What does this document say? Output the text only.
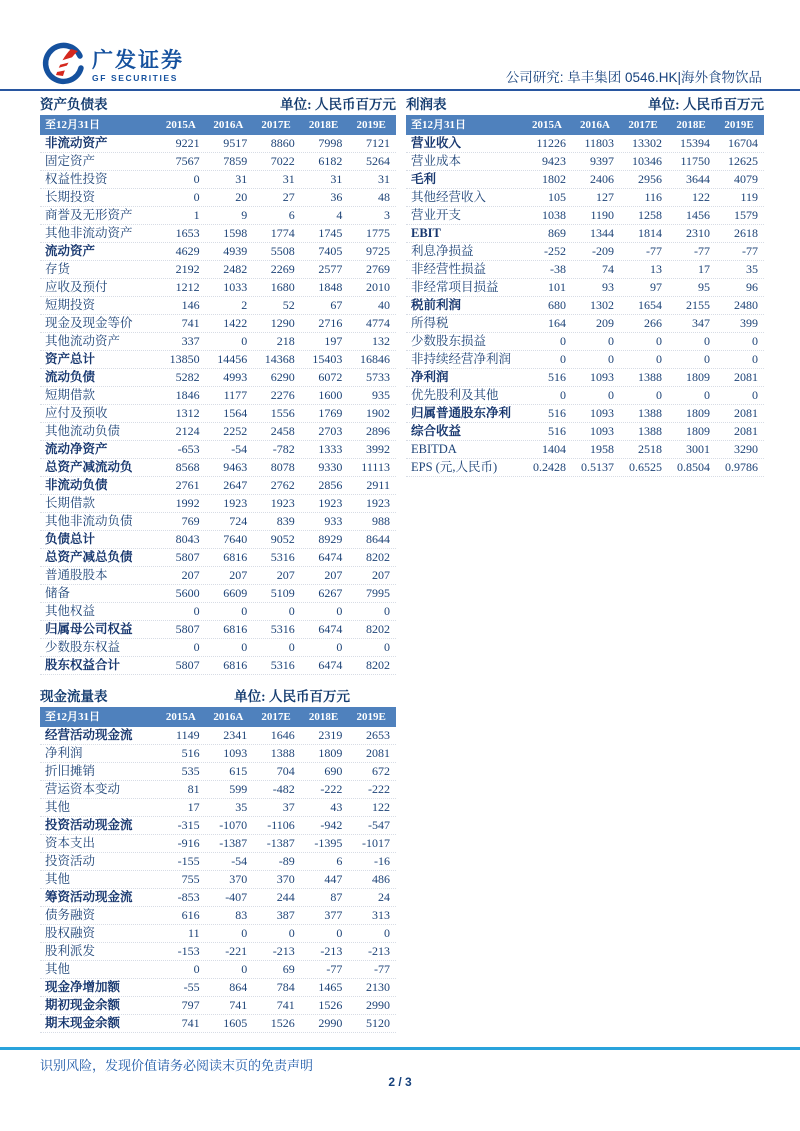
广发证券
GF SECURITIES	公司研究: 阜丰集团 0546.HK|海外食物饮品
资产负债表	单位: 人民币百万元
至12月31日	2015A	2016A	2017E	2018E	2019E
非流动资产	9221	9517	8860	7998	7121
固定资产	7567	7859	7022	6182	5264
权益性投资	0	31	31	31	31
长期投资	0	20	27	36	48
商誉及无形资产	1	9	6	4	3
其他非流动资产	1653	1598	1774	1745	1775
流动资产	4629	4939	5508	7405	9725
存货	2192	2482	2269	2577	2769
应收及预付	1212	1033	1680	1848	2010
短期投资	146	2	52	67	40
现金及现金等价	741	1422	1290	2716	4774
其他流动资产	337	0	218	197	132
资产总计	13850	14456	14368	15403	16846
流动负债	5282	4993	6290	6072	5733
短期借款	1846	1177	2276	1600	935
应付及预收	1312	1564	1556	1769	1902
其他流动负债	2124	2252	2458	2703	2896
流动净资产	-653	-54	-782	1333	3992
总资产减流动负	8568	9463	8078	9330	11113
非流动负债	2761	2647	2762	2856	2911
长期借款	1992	1923	1923	1923	1923
其他非流动负债	769	724	839	933	988
负债总计	8043	7640	9052	8929	8644
总资产减总负债	5807	6816	5316	6474	8202
普通股股本	207	207	207	207	207
储备	5600	6609	5109	6267	7995
其他权益	0	0	0	0	0
归属母公司权益	5807	6816	5316	6474	8202
少数股东权益	0	0	0	0	0
股东权益合计	5807	6816	5316	6474	8202
利润表	单位: 人民币百万元
至12月31日	2015A	2016A	2017E	2018E	2019E
营业收入	11226	11803	13302	15394	16704
营业成本	9423	9397	10346	11750	12625
毛利	1802	2406	2956	3644	4079
其他经营收入	105	127	116	122	119
营业开支	1038	1190	1258	1456	1579
EBIT	869	1344	1814	2310	2618
利息净损益	-252	-209	-77	-77	-77
非经营性损益	-38	74	13	17	35
非经常项目损益	101	93	97	95	96
税前利润	680	1302	1654	2155	2480
所得税	164	209	266	347	399
少数股东损益	0	0	0	0	0
非持续经营净利润	0	0	0	0	0
净利润	516	1093	1388	1809	2081
优先股利及其他	0	0	0	0	0
归属普通股东净利	516	1093	1388	1809	2081
综合收益	516	1093	1388	1809	2081
EBITDA	1404	1958	2518	3001	3290
EPS (元,人民币)	0.2428	0.5137	0.6525	0.8504	0.9786
现金流量表	单位: 人民币百万元
至12月31日	2015A	2016A	2017E	2018E	2019E
经营活动现金流	1149	2341	1646	2319	2653
净利润	516	1093	1388	1809	2081
折旧摊销	535	615	704	690	672
营运资本变动	81	599	-482	-222	-222
其他	17	35	37	43	122
投资活动现金流	-315	-1070	-1106	-942	-547
资本支出	-916	-1387	-1387	-1395	-1017
投资活动	-155	-54	-89	6	-16
其他	755	370	370	447	486
筹资活动现金流	-853	-407	244	87	24
债务融资	616	83	387	377	313
股权融资	11	0	0	0	0
股利派发	-153	-221	-213	-213	-213
其他	0	0	69	-77	-77
现金净增加额	-55	864	784	1465	2130
期初现金余额	797	741	741	1526	2990
期末现金余额	741	1605	1526	2990	5120
识别风险，发现价值请务必阅读末页的免责声明
2 / 3
